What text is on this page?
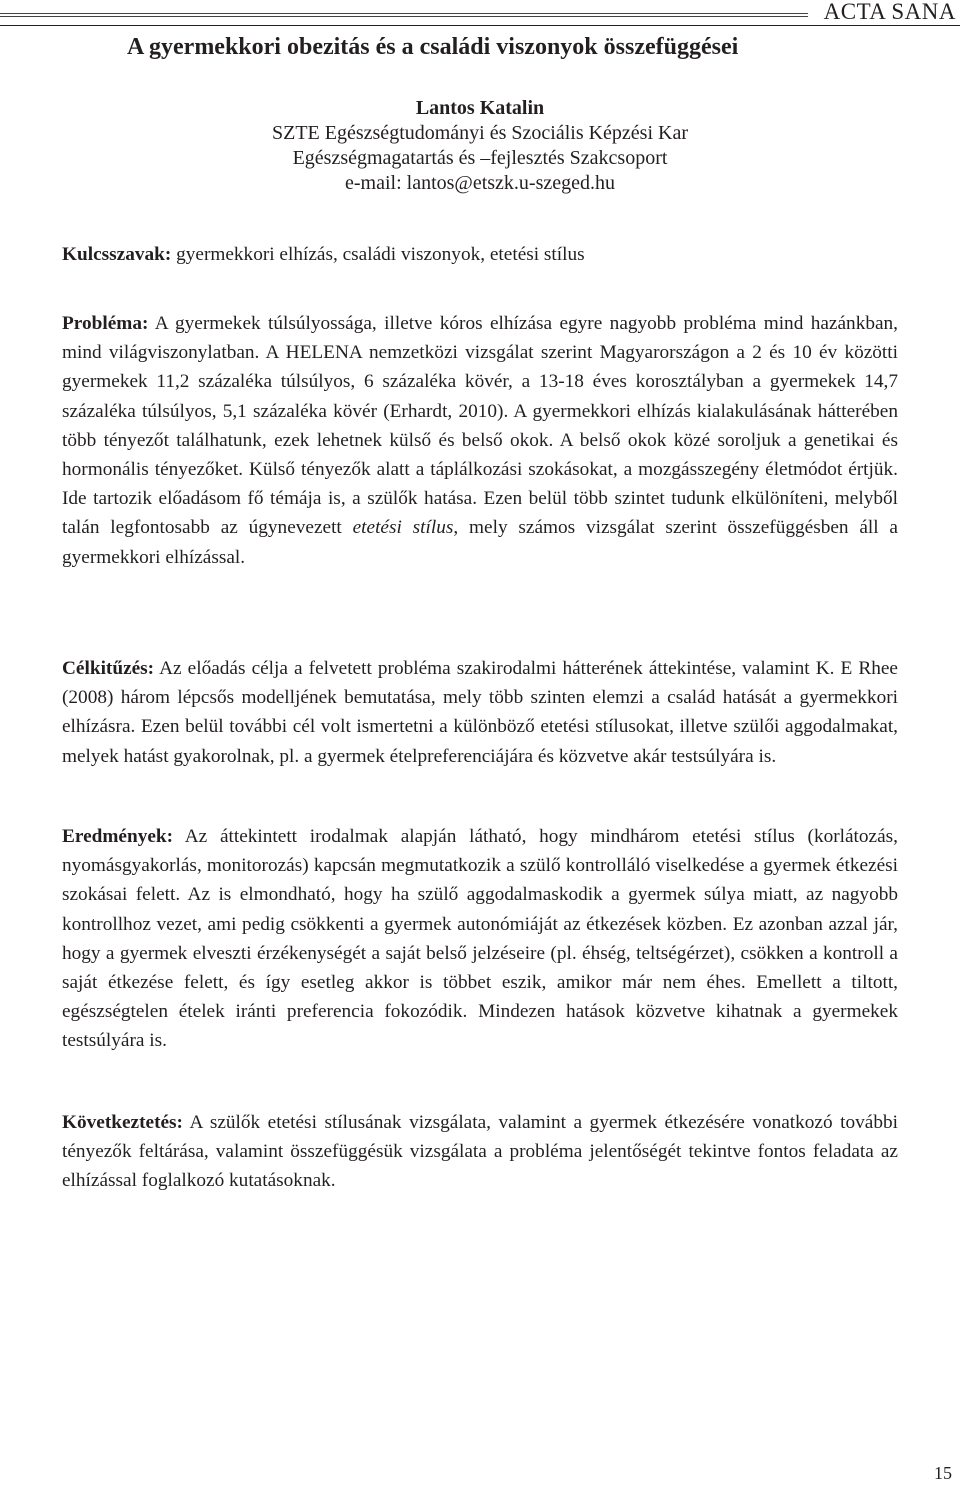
ACTA SANA
A gyermekkori obezitás és a családi viszonyok összefüggései
Lantos Katalin
SZTE Egészségtudományi és Szociális Képzési Kar
Egészségmagatartás és –fejlesztés Szakcsoport
e-mail: lantos@etszk.u-szeged.hu

Kulcsszavak: gyermekkori elhízás, családi viszonyok, etetési stílus

Probléma: A gyermekek túlsúlyossága, illetve kóros elhízása egyre nagyobb probléma mind hazánkban, mind világviszonylatban. A HELENA nemzetközi vizsgálat szerint Magyarországon a 2 és 10 év közötti gyermekek 11,2 százaléka túlsúlyos, 6 százaléka kövér, a 13-18 éves korosztályban a gyermekek 14,7 százaléka túlsúlyos, 5,1 százaléka kövér (Erhardt, 2010). A gyermekkori elhízás kialakulásának hátterében több tényezőt találhatunk, ezek lehetnek külső és belső okok. A belső okok közé soroljuk a genetikai és hormonális tényezőket. Külső tényezők alatt a táplálkozási szokásokat, a mozgásszegény életmódot értjük. Ide tartozik előadásom fő témája is, a szülők hatása. Ezen belül több szintet tudunk elkülöníteni, melyből talán legfontosabb az úgynevezett etetési stílus, mely számos vizsgálat szerint összefüggésben áll a gyermekkori elhízással.

Célkitűzés: Az előadás célja a felvetett probléma szakirodalmi hátterének áttekintése, valamint K. E Rhee (2008) három lépcsős modelljének bemutatása, mely több szinten elemzi a család hatását a gyermekkori elhízásra. Ezen belül további cél volt ismertetni a különböző etetési stílusokat, illetve szülői aggodalmakat, melyek hatást gyakorolnak, pl. a gyermek ételpreferenciájára és közvetve akár testsúlyára is.

Eredmények: Az áttekintett irodalmak alapján látható, hogy mindhárom etetési stílus (korlátozás, nyomásgyakorlás, monitorozás) kapcsán megmutatkozik a szülő kontrolláló viselkedése a gyermek étkezési szokásai felett. Az is elmondható, hogy ha szülő aggodalmaskodik a gyermek súlya miatt, az nagyobb kontrollhoz vezet, ami pedig csökkenti a gyermek autonómiáját az étkezések közben. Ez azonban azzal jár, hogy a gyermek elveszti érzékenységét a saját belső jelzéseire (pl. éhség, teltségérzet), csökken a kontroll a saját étkezése felett, és így esetleg akkor is többet eszik, amikor már nem éhes. Emellett a tiltott, egészségtelen ételek iránti preferencia fokozódik. Mindezen hatások közvetve kihatnak a gyermekek testsúlyára is.

Következtetés: A szülők etetési stílusának vizsgálata, valamint a gyermek étkezésére vonatkozó további tényezők feltárása, valamint összefüggésük vizsgálata a probléma jelentőségét tekintve fontos feladata az elhízással foglalkozó kutatásoknak.

15
